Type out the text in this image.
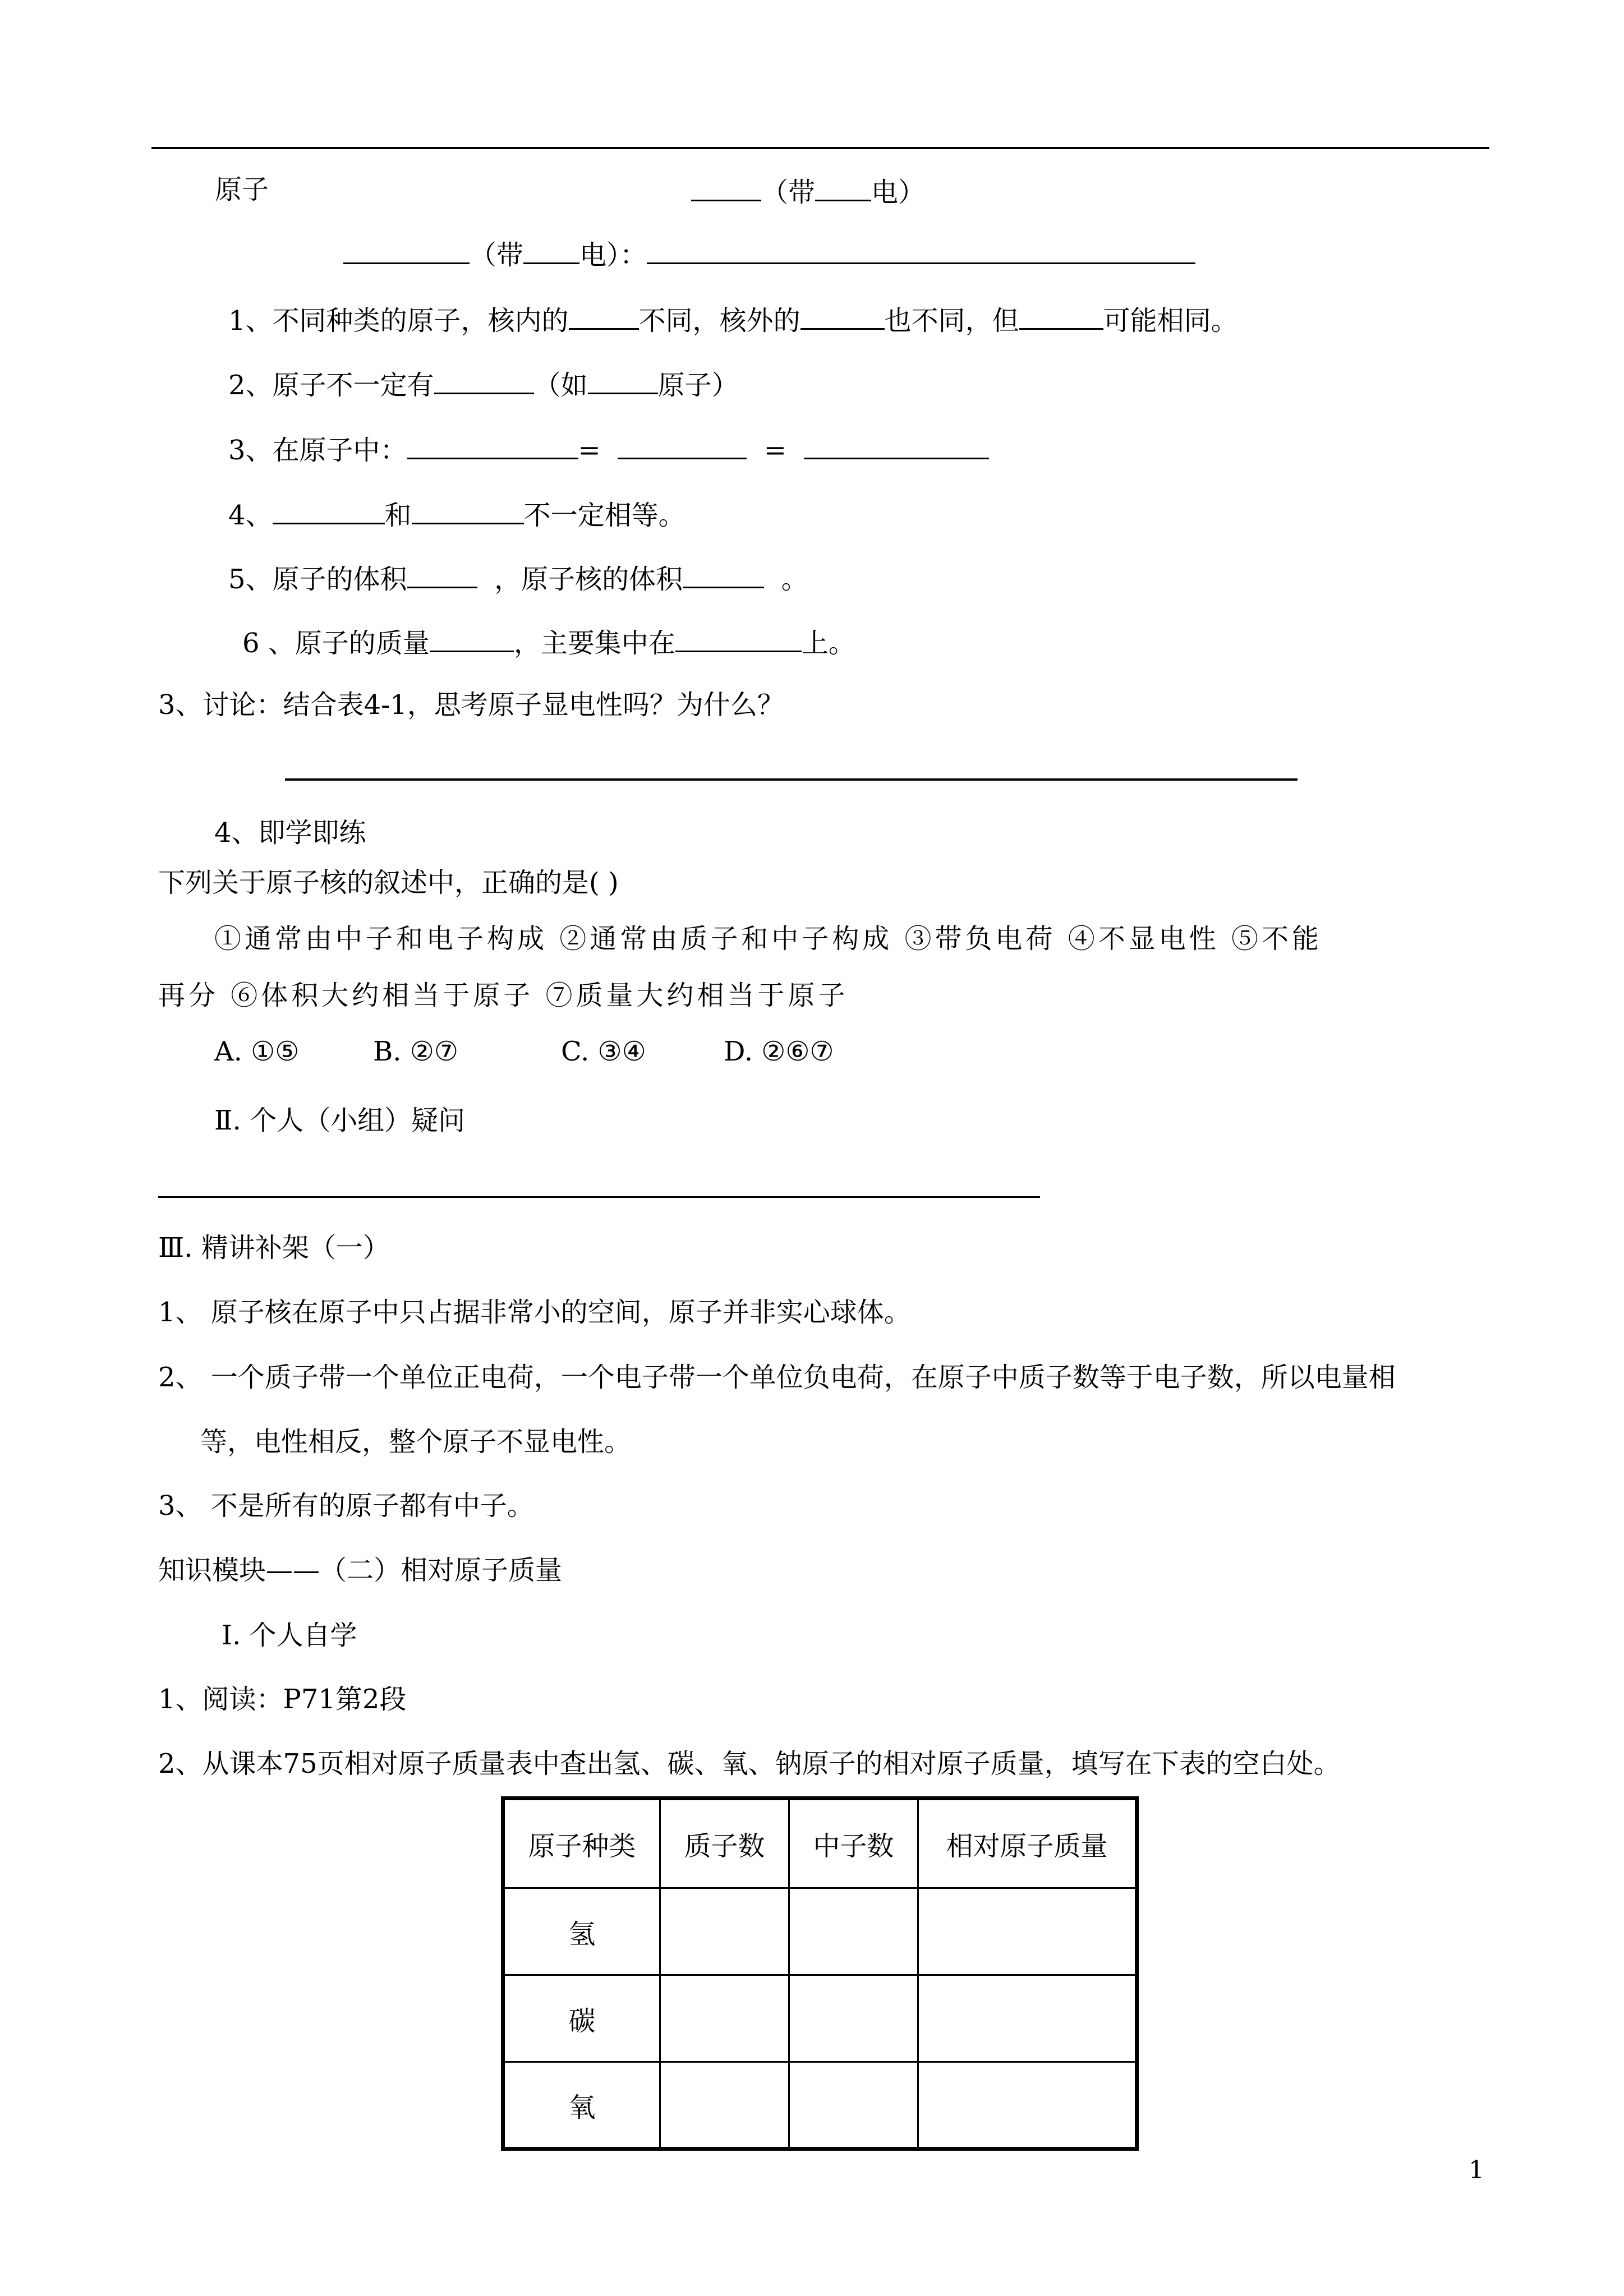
原子	（带 电）
（带 电）：
1、不同种类的原子，核内的	不同，核外的	也不同，但	可能相同。
2、原子不一定有	（如	原子）
3、在原子中：	=	=
4、	和	不一定相等。
5、原子的体积	，原子核的体积	。
6 、原子的质量	，主要集中在	上。
3、讨论：结合表4-1，思考原子显电性吗？为什么？
4、即学即练
下列关于原子核的叙述中，正确的是( )
①通常由中子和电子构成 ②通常由质子和中子构成 ③带负电荷 ④不显电性 ⑤不能
再分 ⑥体积大约相当于原子 ⑦质量大约相当于原子
A. ①⑤	B. ②⑦	C. ③④	D. ②⑥⑦
Ⅱ. 个人（小组）疑问
Ⅲ. 精讲补架（一）
1、 原子核在原子中只占据非常小的空间，原子并非实心球体。
2、 一个质子带一个单位正电荷，一个电子带一个单位负电荷，在原子中质子数等于电子数，所以电量相
等，电性相反，整个原子不显电性。
3、 不是所有的原子都有中子。
知识模块——（二）相对原子质量
Ⅰ. 个人自学
1、阅读：P71第2段
2、从课本75页相对原子质量表中查出氢、碳、氧、钠原子的相对原子质量，填写在下表的空白处。
原子种类	质子数	中子数	相对原子质量
氢			
碳			
氧			
1
